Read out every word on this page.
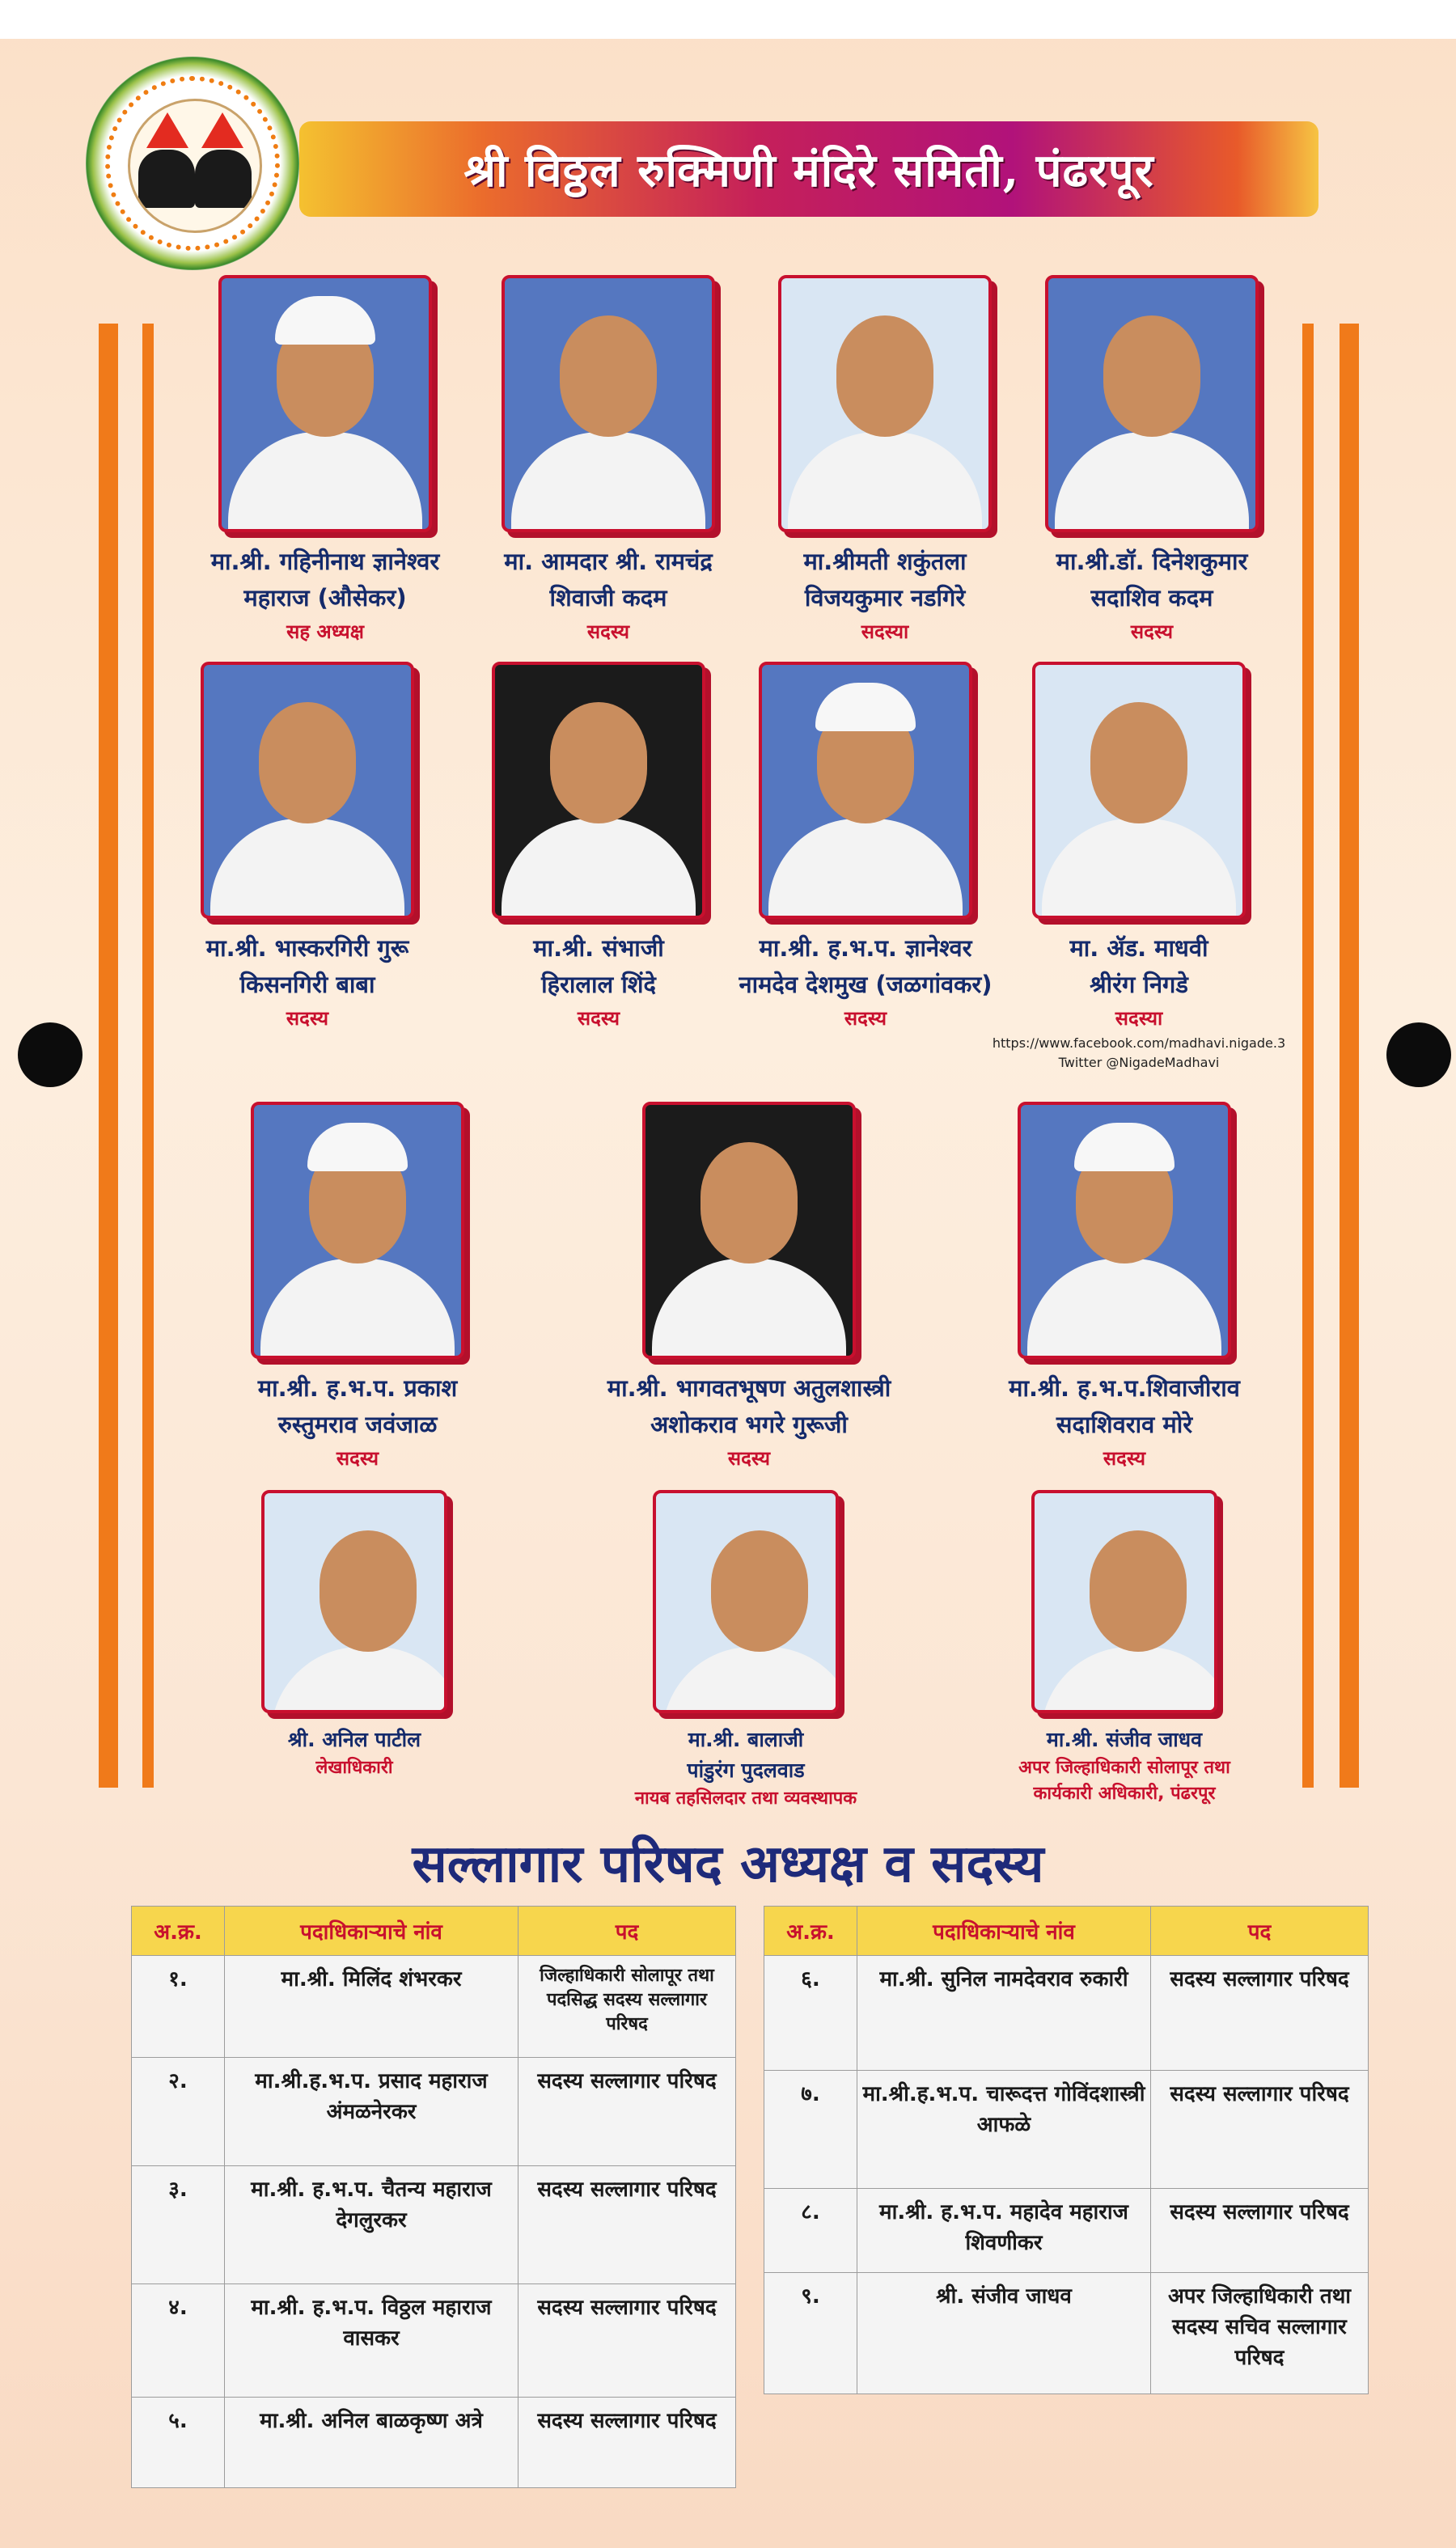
श्री विठ्ठल रुक्मिणी मंदिरे समिती, पंढरपूर
मा.श्री. गहिनीनाथ ज्ञानेश्वर
महाराज (औसेकर)
सह अध्यक्ष
मा. आमदार श्री. रामचंद्र
शिवाजी कदम
सदस्य
मा.श्रीमती शकुंतला
विजयकुमार नडगिरे
सदस्या
मा.श्री.डॉ. दिनेशकुमार
सदाशिव कदम
सदस्य
मा.श्री. भास्करगिरी गुरू
किसनगिरी बाबा
सदस्य
मा.श्री. संभाजी
हिरालाल शिंदे
सदस्य
मा.श्री. ह.भ.प. ज्ञानेश्वर
नामदेव देशमुख (जळगांवकर)
सदस्य
मा. ॲड. माधवी
श्रीरंग निगडे
सदस्या
https://www.facebook.com/madhavi.nigade.3
Twitter @NigadeMadhavi
मा.श्री. ह.भ.प. प्रकाश
रुस्तुमराव जवंजाळ
सदस्य
मा.श्री. भागवतभूषण अतुलशास्त्री
अशोकराव भगरे गुरूजी
सदस्य
मा.श्री. ह.भ.प.शिवाजीराव
सदाशिवराव मोरे
सदस्य
श्री. अनिल पाटील
लेखाधिकारी
मा.श्री. बालाजी
पांडुरंग पुदलवाड
नायब तहसिलदार तथा व्यवस्थापक
मा.श्री. संजीव जाधव
अपर जिल्हाधिकारी सोलापूर तथा
कार्यकारी अधिकारी, पंढरपूर
सल्लागार परिषद अध्यक्ष व सदस्य
अ.क्र.	पदाधिकाऱ्याचे नांव	पद
१.	मा.श्री. मिलिंद शंभरकर	जिल्हाधिकारी सोलापूर तथा पदसिद्ध सदस्य सल्लागार परिषद
२.	मा.श्री.ह.भ.प. प्रसाद महाराज अंमळनेरकर	सदस्य सल्लागार परिषद
३.	मा.श्री. ह.भ.प. चैतन्य महाराज देगलुरकर	सदस्य सल्लागार परिषद
४.	मा.श्री. ह.भ.प. विठ्ठल महाराज वासकर	सदस्य सल्लागार परिषद
५.	मा.श्री. अनिल बाळकृष्ण अत्रे	सदस्य सल्लागार परिषद
अ.क्र.	पदाधिकाऱ्याचे नांव	पद
६.	मा.श्री. सुनिल नामदेवराव रुकारी	सदस्य सल्लागार परिषद
७.	मा.श्री.ह.भ.प. चारूदत्त गोविंदशास्त्री आफळे	सदस्य सल्लागार परिषद
८.	मा.श्री. ह.भ.प. महादेव महाराज शिवणीकर	सदस्य सल्लागार परिषद
९.	श्री. संजीव जाधव	अपर जिल्हाधिकारी तथा सदस्य सचिव सल्लागार परिषद
